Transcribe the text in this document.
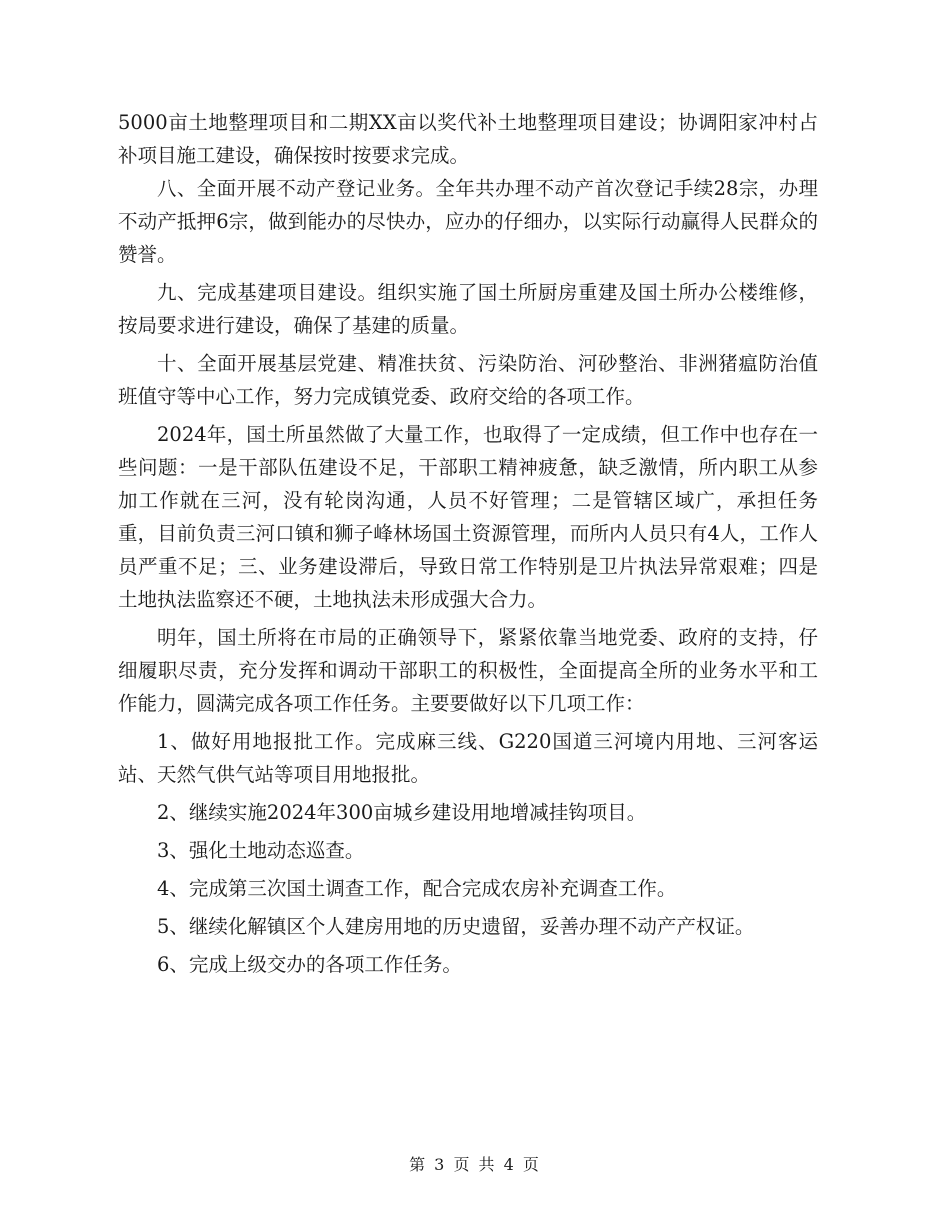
5000亩土地整理项目和二期XX亩以奖代补土地整理项目建设；协调阳家冲村占补项目施工建设，确保按时按要求完成。

八、全面开展不动产登记业务。全年共办理不动产首次登记手续28宗，办理不动产抵押6宗，做到能办的尽快办，应办的仔细办，以实际行动赢得人民群众的赞誉。

九、完成基建项目建设。组织实施了国土所厨房重建及国土所办公楼维修，按局要求进行建设，确保了基建的质量。

十、全面开展基层党建、精准扶贫、污染防治、河砂整治、非洲猪瘟防治值班值守等中心工作，努力完成镇党委、政府交给的各项工作。

2024年，国土所虽然做了大量工作，也取得了一定成绩，但工作中也存在一些问题：一是干部队伍建设不足，干部职工精神疲惫，缺乏激情，所内职工从参加工作就在三河，没有轮岗沟通，人员不好管理；二是管辖区域广，承担任务重，目前负责三河口镇和狮子峰林场国土资源管理，而所内人员只有4人，工作人员严重不足；三、业务建设滞后，导致日常工作特别是卫片执法异常艰难；四是土地执法监察还不硬，土地执法未形成强大合力。

明年，国土所将在市局的正确领导下，紧紧依靠当地党委、政府的支持，仔细履职尽责，充分发挥和调动干部职工的积极性，全面提高全所的业务水平和工作能力，圆满完成各项工作任务。主要要做好以下几项工作：

1、做好用地报批工作。完成麻三线、G220国道三河境内用地、三河客运站、天然气供气站等项目用地报批。

2、继续实施2024年300亩城乡建设用地增减挂钩项目。

3、强化土地动态巡查。

4、完成第三次国土调查工作，配合完成农房补充调查工作。

5、继续化解镇区个人建房用地的历史遗留，妥善办理不动产产权证。

6、完成上级交办的各项工作任务。

第 3 页 共 4 页
